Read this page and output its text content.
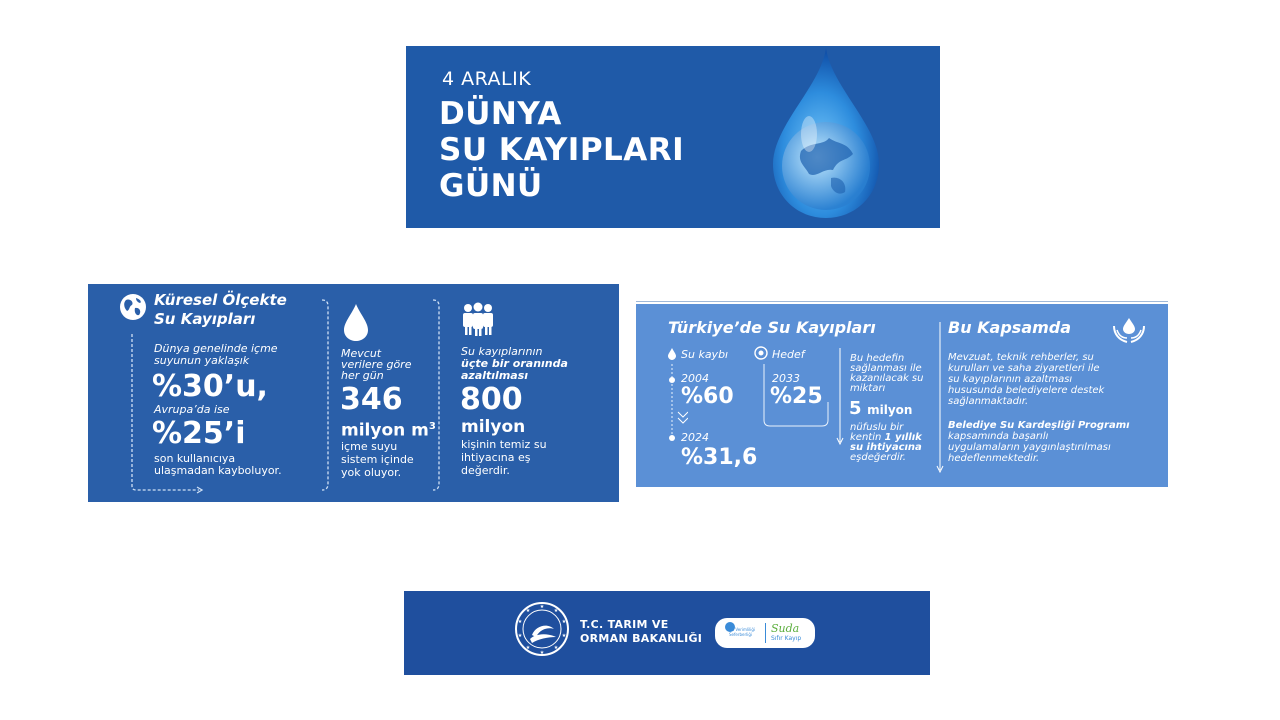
4 ARALIK
DÜNYA
SU KAYIPLARI
GÜNÜ
Küresel Ölçekte
Su Kayıpları
Dünya genelinde içme
suyunun yaklaşık
%30’u,
Avrupa’da ise
%25’i
son kullanıcıya
ulaşmadan kayboluyor.
Mevcut
verilere göre
her gün
346
milyon $m^3$
içme suyu
sistem içinde
yok oluyor.
Su kayıplarının
üçte bir oranında
azaltılması
800
milyon
kişinin temiz su
ihtiyacına eş
değerdir.
Türkiye’de Su Kayıpları
Su kaybı
2004
%60
2024
%31,6
Hedef
2033
%25
Bu hedefin
sağlanması ile
kazanılacak su
miktarı
5 milyon
nüfuslu bir
kentin 1 yıllık
su ihtiyacına
eşdeğerdir.
Bu Kapsamda
Mevzuat, teknik rehberler, su
kurulları ve saha ziyaretleri ile
su kayıplarının azaltması
hususunda belediyelere destek
sağlanmaktadır.
Belediye Su Kardeşliği Programı
kapsamında başarılı
uygulamaların yaygınlaştırılması
hedeflenmektedir.
★
★
★
★
★
★
★
★
★
★
T.C. TARIM VE
ORMAN BAKANLIĞI
Su Verimliliği Seferberliği	Suda
Sıfır Kayıp
